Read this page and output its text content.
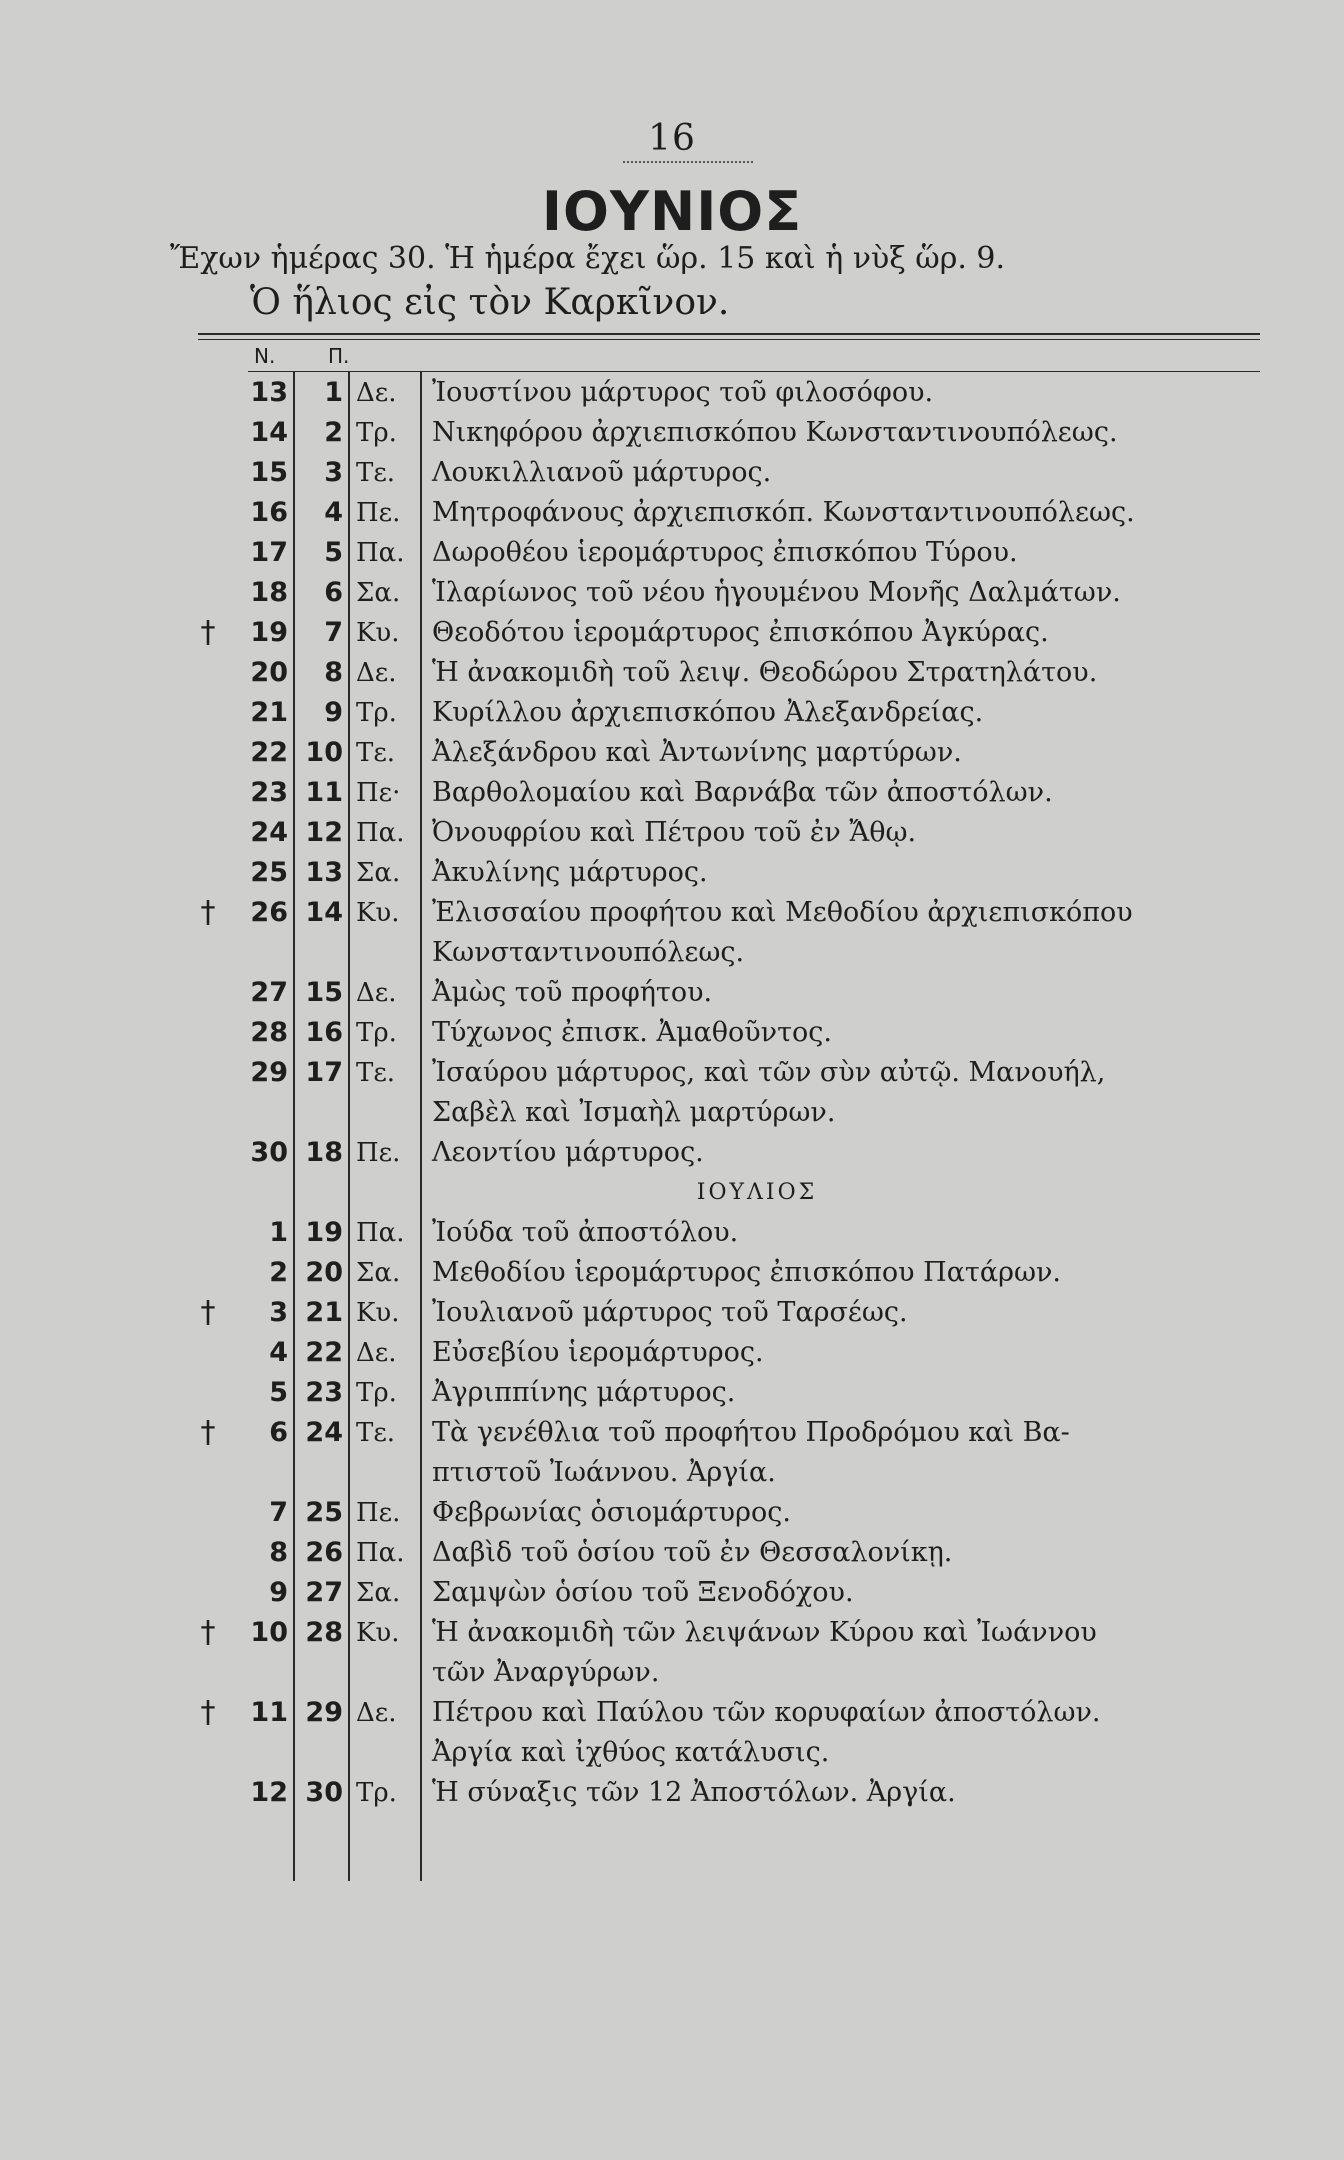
16
ΙΟΥΝΙΟΣ
Ἔχων ἡμέρας 30. Ἡ ἡμέρα ἔχει ὥρ. 15 καὶ ἡ νὺξ ὥρ. 9.
Ὁ ἥλιος εἰς τὸν Καρκῖνον.
Ν.	Π.
13	1 Δε.	Ἰουστίνου μάρτυρος τοῦ φιλοσόφου.
14	2 Τρ.	Νικηφόρου ἀρχιεπισκόπου Κωνσταντινουπόλεως.
15	3 Τε.	Λουκιλλιανοῦ μάρτυρος.
16	4 Πε.	Μητροφάνους ἀρχιεπισκόπ. Κωνσταντινουπόλεως.
17	5 Πα.	Δωροθέου ἱερομάρτυρος ἐπισκόπου Τύρου.
18	6 Σα.	Ἱλαρίωνος τοῦ νέου ἡγουμένου Μονῆς Δαλμάτων.
† 19	7 Κυ.	Θεοδότου ἱερομάρτυρος ἐπισκόπου Ἀγκύρας.
20	8 Δε.	Ἡ ἀνακομιδὴ τοῦ λειψ. Θεοδώρου Στρατηλάτου.
21	9 Τρ.	Κυρίλλου ἀρχιεπισκόπου Ἀλεξανδρείας.
22 10 Τε.	Ἀλεξάνδρου καὶ Ἀντωνίνης μαρτύρων.
23 11 Πε·	Βαρθολομαίου καὶ Βαρνάβα τῶν ἀποστόλων.
24 12 Πα.	Ὀνουφρίου καὶ Πέτρου τοῦ ἐν Ἄθῳ.
25 13 Σα.	Ἀκυλίνης μάρτυρος.
† 26 14 Κυ.	Ἐλισσαίου προφήτου καὶ Μεθοδίου ἀρχιεπισκόπου
Κωνσταντινουπόλεως.
27 15 Δε.	Ἀμὼς τοῦ προφήτου.
28 16 Τρ.	Τύχωνος ἐπισκ. Ἀμαθοῦντος.
29 17 Τε.	Ἰσαύρου μάρτυρος, καὶ τῶν σὺν αὐτῷ. Μανουήλ,
Σαβὲλ καὶ Ἰσμαὴλ μαρτύρων.
30 18 Πε.	Λεοντίου μάρτυρος.
ΙΟΥΛΙΟΣ
1 19 Πα.	Ἰούδα τοῦ ἀποστόλου.
2 20 Σα.	Μεθοδίου ἱερομάρτυρος ἐπισκόπου Πατάρων.
†	3 21 Κυ.	Ἰουλιανοῦ μάρτυρος τοῦ Ταρσέως.
4 22 Δε.	Εὐσεβίου ἱερομάρτυρος.
5 23 Τρ.	Ἀγριππίνης μάρτυρος.
†	6 24 Τε.	Τὰ γενέθλια τοῦ προφήτου Προδρόμου καὶ Βα-
πτιστοῦ Ἰωάννου. Ἀργία.
7 25 Πε.	Φεβρωνίας ὁσιομάρτυρος.
8 26 Πα.	Δαβὶδ τοῦ ὁσίου τοῦ ἐν Θεσσαλονίκῃ.
9 27 Σα.	Σαμψὼν ὁσίου τοῦ Ξενοδόχου.
† 10 28 Κυ.	Ἡ ἀνακομιδὴ τῶν λειψάνων Κύρου καὶ Ἰωάννου
τῶν Ἀναργύρων.
† 11 29 Δε.	Πέτρου καὶ Παύλου τῶν κορυφαίων ἀποστόλων.
Ἀργία καὶ ἰχθύος κατάλυσις.
12 30 Τρ.	Ἡ σύναξις τῶν 12 Ἀποστόλων. Ἀργία.
